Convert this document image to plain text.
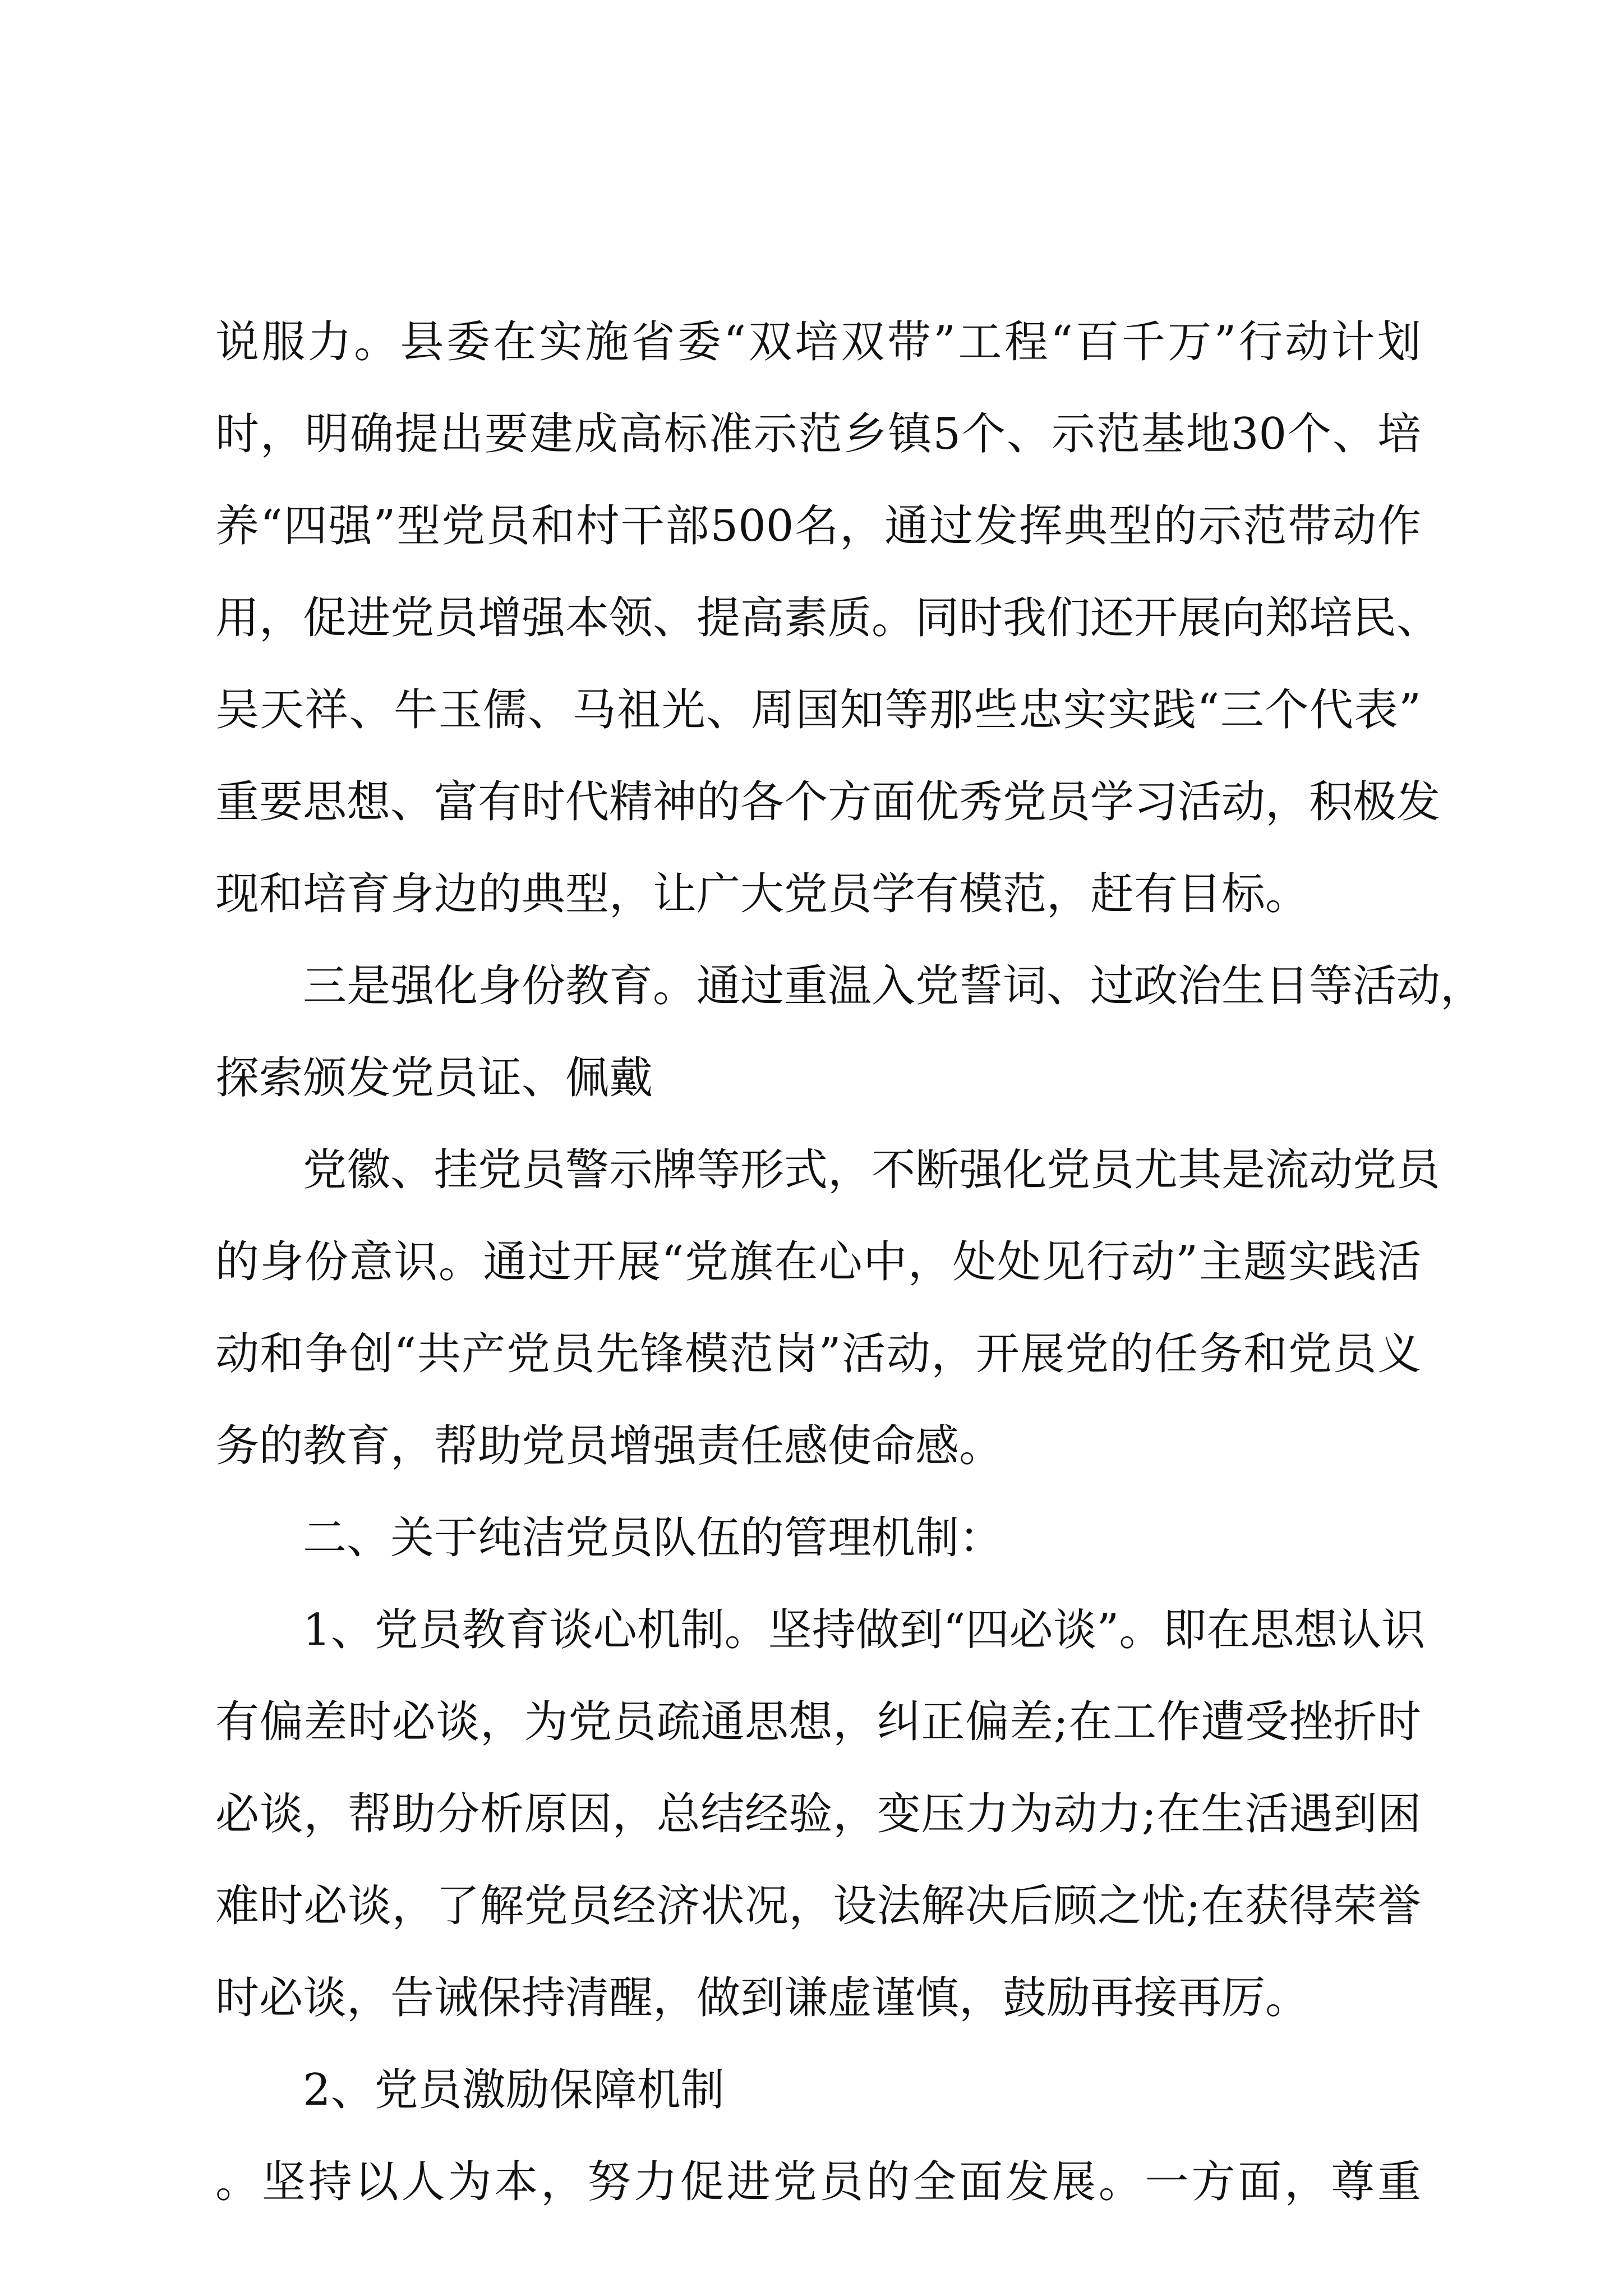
说服力。县委在实施省委“双培双带”工程“百千万”行动计划
时，明确提出要建成高标准示范乡镇5个、示范基地30个、培
养“四强”型党员和村干部500名，通过发挥典型的示范带动作
用，促进党员增强本领、提高素质。同时我们还开展向郑培民、
吴天祥、牛玉儒、马祖光、周国知等那些忠实实践“三个代表”
重要思想、富有时代精神的各个方面优秀党员学习活动，积极发
现和培育身边的典型，让广大党员学有模范，赶有目标。
三是强化身份教育。通过重温入党誓词、过政治生日等活动，
探索颁发党员证、佩戴
党徽、挂党员警示牌等形式，不断强化党员尤其是流动党员
的身份意识。通过开展“党旗在心中，处处见行动”主题实践活
动和争创“共产党员先锋模范岗”活动，开展党的任务和党员义
务的教育，帮助党员增强责任感使命感。
二、关于纯洁党员队伍的管理机制：
1、党员教育谈心机制。坚持做到“四必谈”。即在思想认识
有偏差时必谈，为党员疏通思想，纠正偏差;在工作遭受挫折时
必谈，帮助分析原因，总结经验，变压力为动力;在生活遇到困
难时必谈，了解党员经济状况，设法解决后顾之忧;在获得荣誉
时必谈，告诫保持清醒，做到谦虚谨慎，鼓励再接再厉。
2、党员激励保障机制
。坚持以人为本，努力促进党员的全面发展。一方面，尊重
